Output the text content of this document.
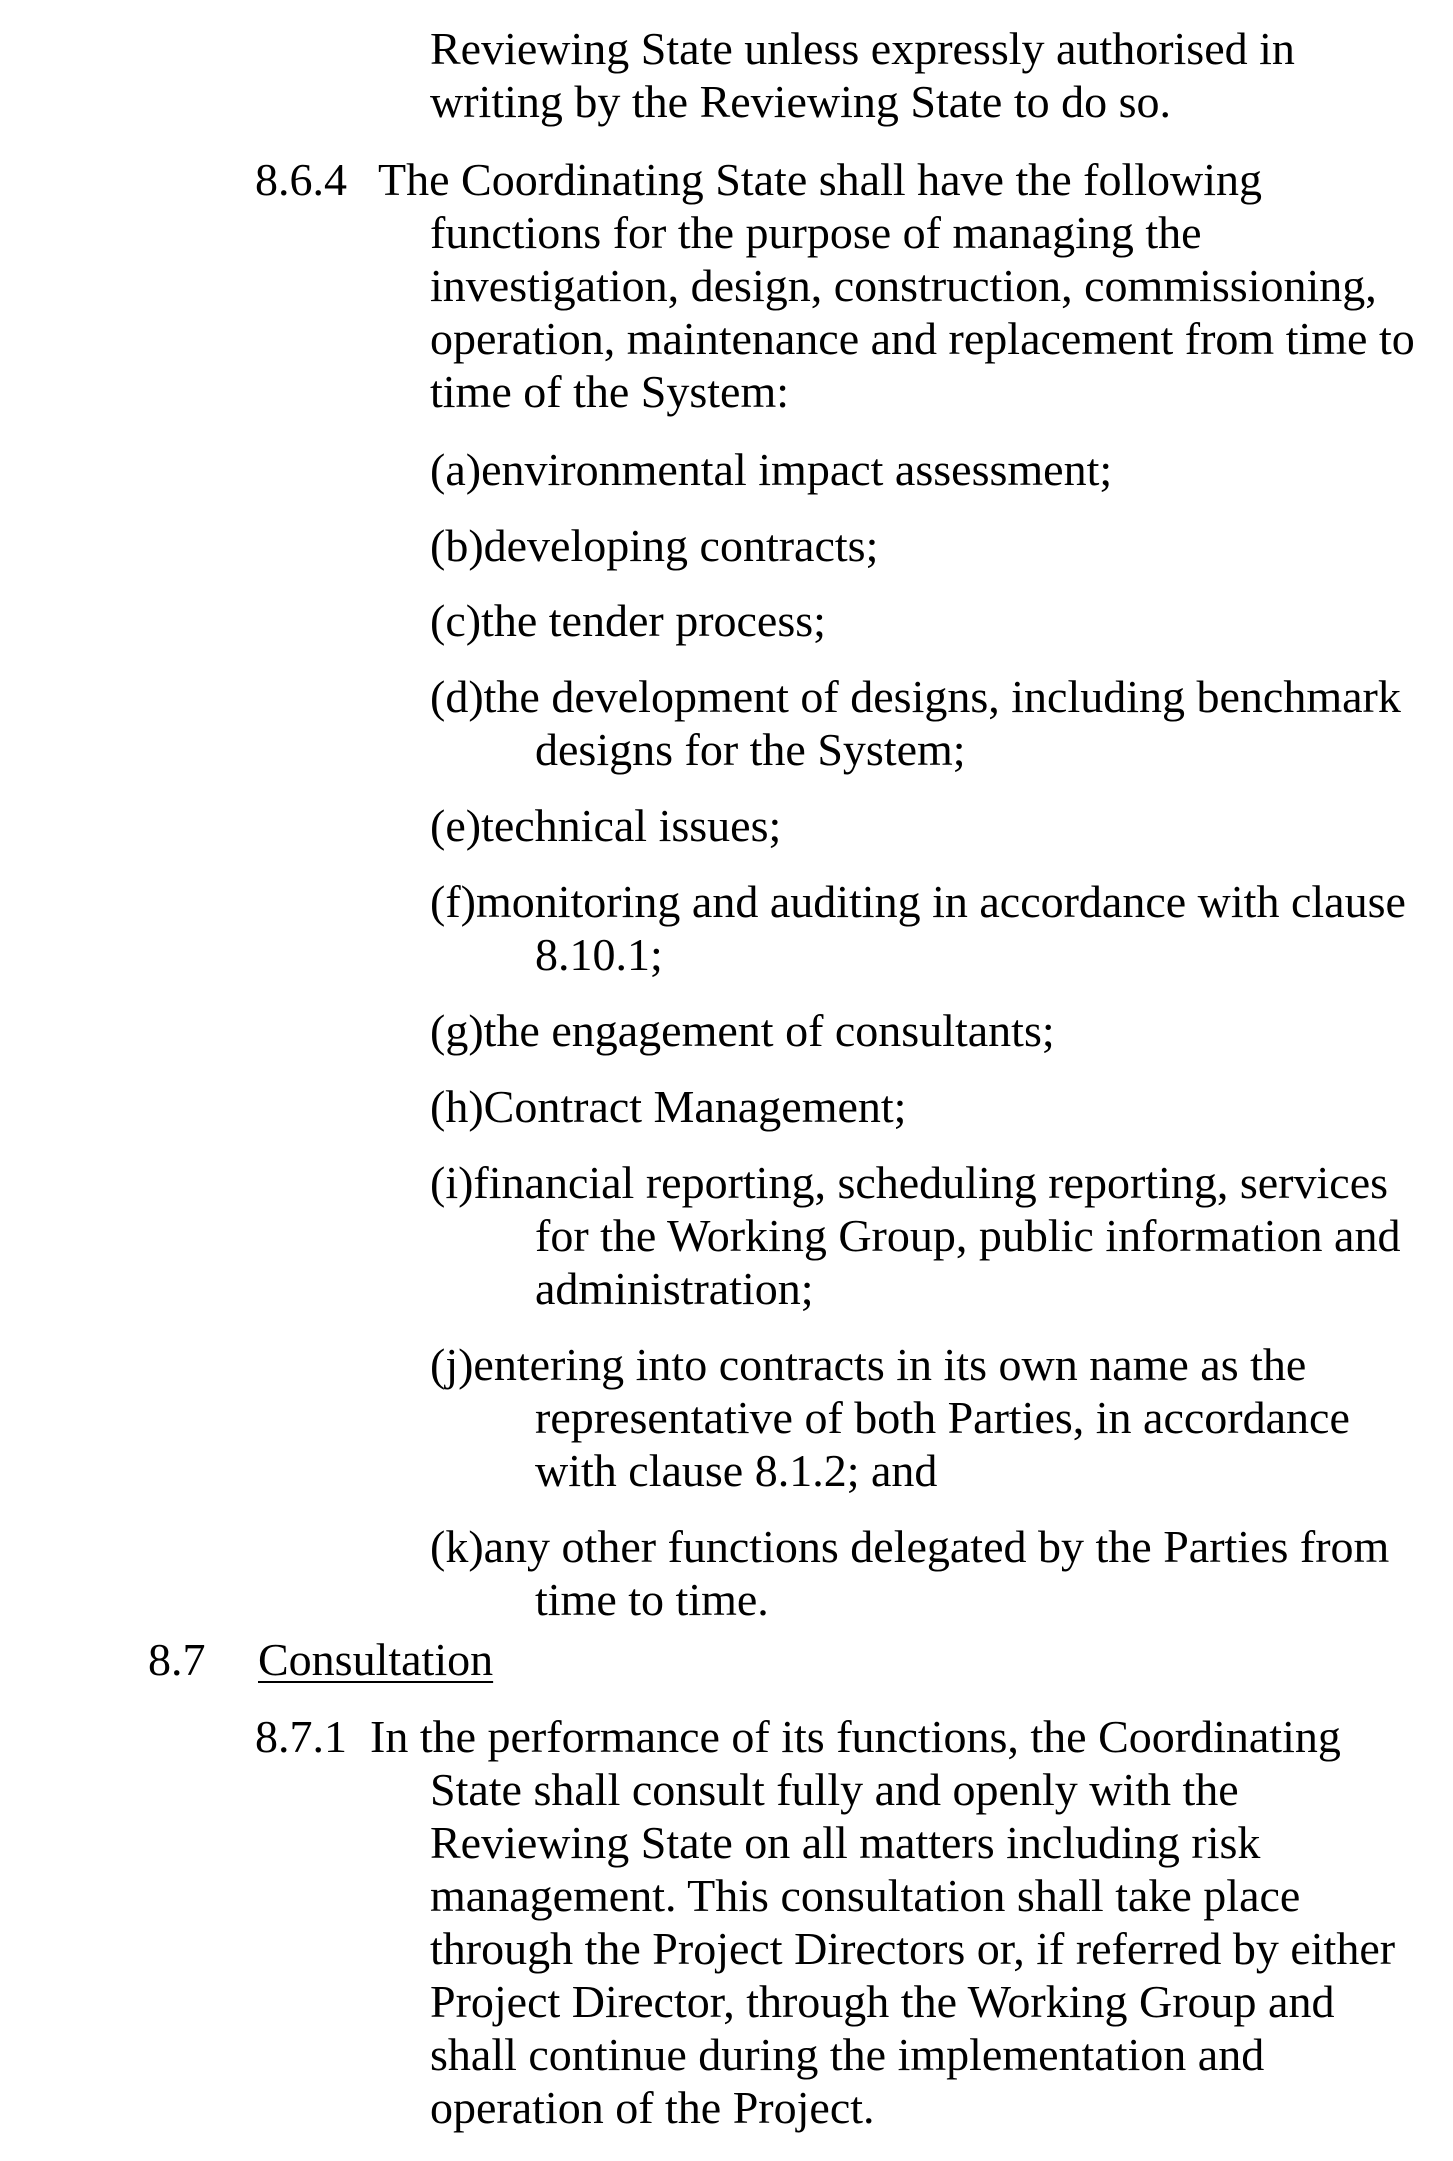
Reviewing State unless expressly authorised in
writing by the Reviewing State to do so.
8.6.4 The Coordinating State shall have the following
functions for the purpose of managing the
investigation, design, construction, commissioning,
operation, maintenance and replacement from time to
time of the System:
(a)environmental impact assessment;
(b)developing contracts;
(c)the tender process;
(d)the development of designs, including benchmark
designs for the System;
(e)technical issues;
(f)monitoring and auditing in accordance with clause
8.10.1;
(g)the engagement of consultants;
(h)Contract Management;
(i)financial reporting, scheduling reporting, services
for the Working Group, public information and
administration;
(j)entering into contracts in its own name as the
representative of both Parties, in accordance
with clause 8.1.2; and
(k)any other functions delegated by the Parties from
time to time.
8.7 Consultation
8.7.1 In the performance of its functions, the Coordinating
State shall consult fully and openly with the
Reviewing State on all matters including risk
management. This consultation shall take place
through the Project Directors or, if referred by either
Project Director, through the Working Group and
shall continue during the implementation and
operation of the Project.
